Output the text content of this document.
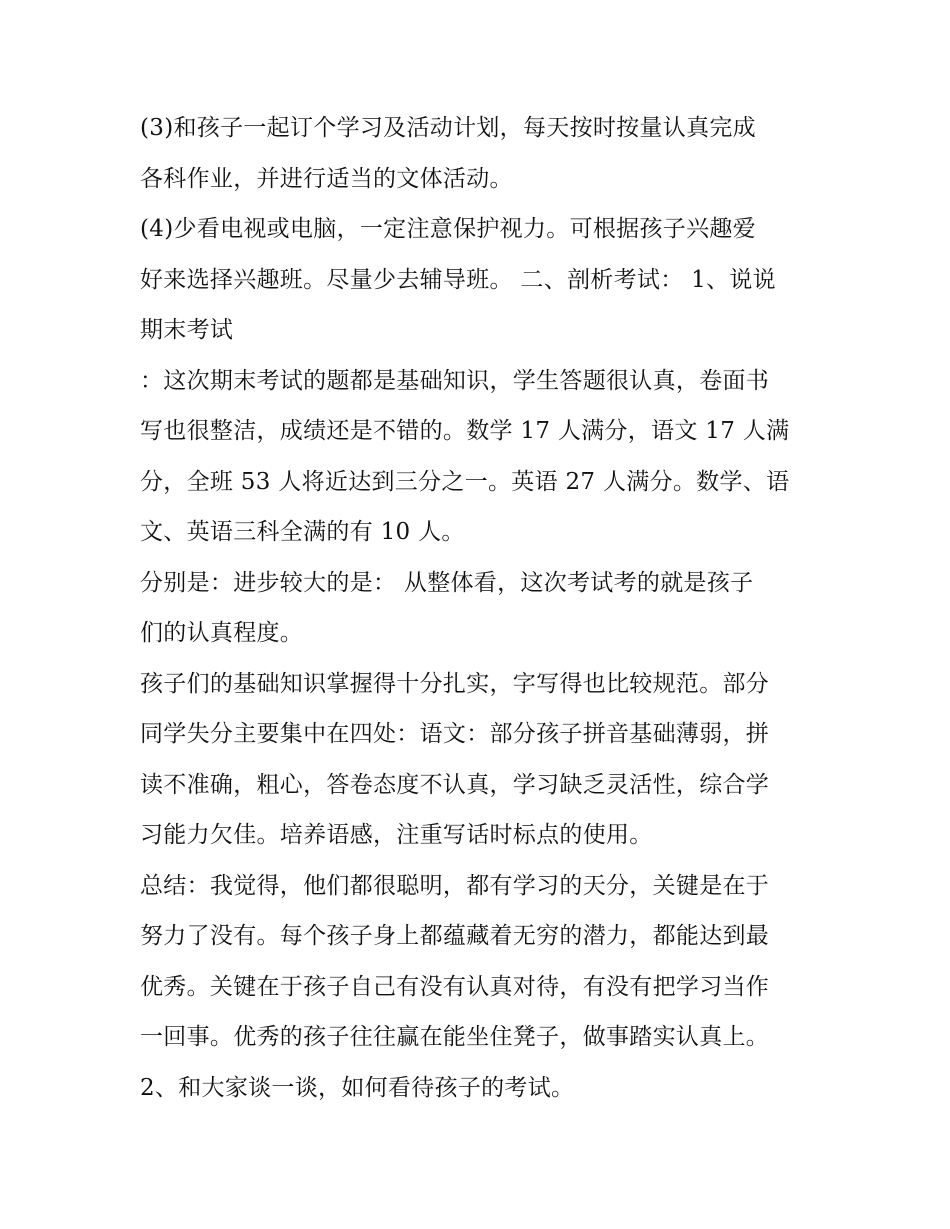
(3)和孩子一起订个学习及活动计划，每天按时按量认真完成

各科作业，并进行适当的文体活动。

(4)少看电视或电脑，一定注意保护视力。可根据孩子兴趣爱

好来选择兴趣班。尽量少去辅导班。 二、剖析考试： 1、说说

期末考试

：这次期末考试的题都是基础知识，学生答题很认真，卷面书

写也很整洁，成绩还是不错的。数学 17 人满分，语文 17 人满

分，全班 53 人将近达到三分之一。英语 27 人满分。数学、语

文、英语三科全满的有 10 人。

分别是：进步较大的是： 从整体看，这次考试考的就是孩子

们的认真程度。

孩子们的基础知识掌握得十分扎实，字写得也比较规范。部分

同学失分主要集中在四处：语文：部分孩子拼音基础薄弱，拼

读不准确，粗心，答卷态度不认真，学习缺乏灵活性，综合学

习能力欠佳。培养语感，注重写话时标点的使用。

总结：我觉得，他们都很聪明，都有学习的天分，关键是在于

努力了没有。每个孩子身上都蕴藏着无穷的潜力，都能达到最

优秀。关键在于孩子自己有没有认真对待，有没有把学习当作

一回事。优秀的孩子往往赢在能坐住凳子，做事踏实认真上。

2、和大家谈一谈，如何看待孩子的考试。
